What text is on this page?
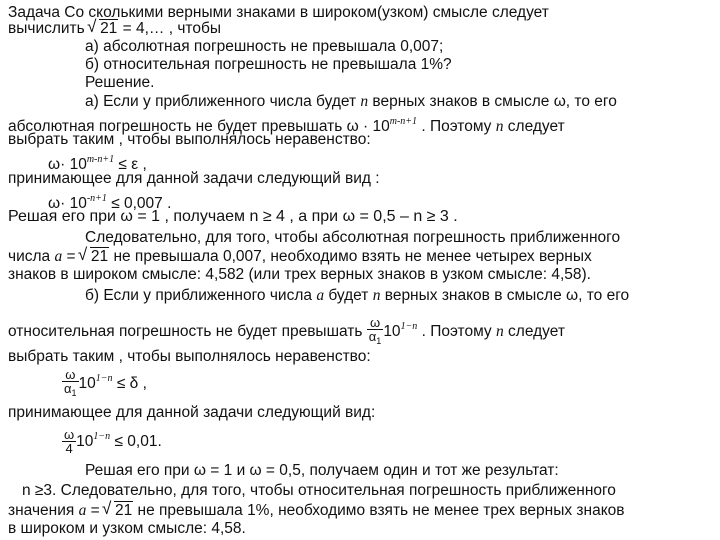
Задача Со сколькими верными знаками в широком(узком) смысле следует
вычислить √ 21 = 4,… , чтобы
а) абсолютная погрешность не превышала 0,007;
б) относительная погрешность не превышала 1%?
Решение.
а) Если у приближенного числа будет n верных знаков в смысле ω, то его
абсолютная погрешность не будет превышать $\omega \cdot 10^{m-n+1}$ . Поэтому n следует
выбрать таким , чтобы выполнялось неравенство:
$\omega\cdot 10^{m-n+1} \le \varepsilon$ ,
принимающее для данной задачи следующий вид :
$\omega\cdot 10^{-n+1} \le 0,007$ .
Решая его при ω = 1 , получаем n ≥ 4 , а при ω = 0,5 – n ≥ 3 .
Следовательно, для того, чтобы абсолютная погрешность приближенного
числа a = √ 21 не превышала 0,007, необходимо взять не менее четырех верных
знаков в широком смысле: 4,582 (или трех верных знаков в узком смысле: 4,58).
б) Если у приближенного числа a будет n верных знаков в смысле ω, то его
относительная погрешность не будет превышать $\frac{\omega}{\alpha_1} 10^{1-n}$ . Поэтому n следует
выбрать таким , чтобы выполнялось неравенство:
$\frac{\omega}{\alpha_1} 10^{1-n} \le \delta$ ,
принимающее для данной задачи следующий вид:
$\frac{\omega}{4} 10^{1-n} \le 0,01$.
Решая его при ω = 1 и ω = 0,5, получаем один и тот же результат:
n ≥3. Следовательно, для того, чтобы относительная погрешность приближенного
значения a = √ 21 не превышала 1%, необходимо взять не менее трех верных знаков
в широком и узком смысле: 4,58.
